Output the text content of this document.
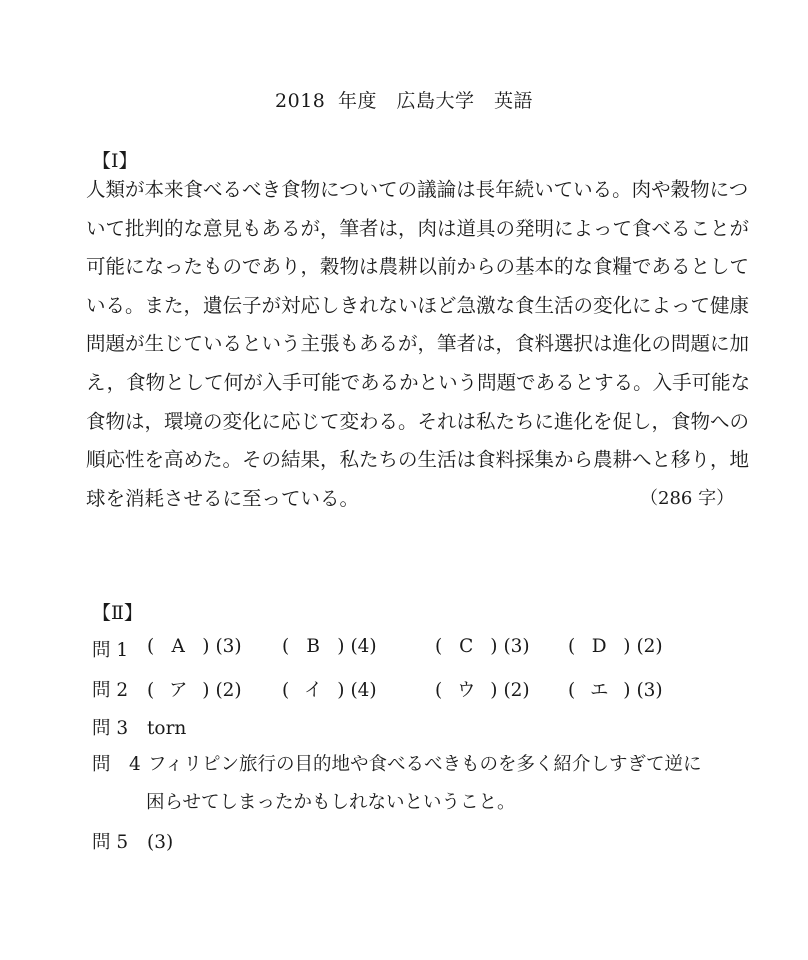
2018 年度　広島大学　英語
【Ⅰ】

人類が本来食べるべき食物についての議論は長年続いている。肉や穀物につ
いて批判的な意見もあるが，筆者は，肉は道具の発明によって食べることが
可能になったものであり，穀物は農耕以前からの基本的な食糧であるとして
いる。また，遺伝子が対応しきれないほど急激な食生活の変化によって健康
問題が生じているという主張もあるが，筆者は，食料選択は進化の問題に加
え，食物として何が入手可能であるかという問題であるとする。入手可能な
食物は，環境の変化に応じて変わる。それは私たちに進化を促し，食物への
順応性を高めた。その結果，私たちの生活は食料採集から農耕へと移り，地
球を消耗させるに至っている。	（286 字）
【Ⅱ】
問 1 ( A ) (3) ( B ) (4)	( C ) (3) ( D ) (2)
問 2 ( ア ) (2) ( イ ) (4)	( ウ ) (2) ( エ ) (3)
問 3 torn
問　4 フィリピン旅行の目的地や食べるべきものを多く紹介しすぎて逆に
困らせてしまったかもしれないということ。
問 5 (3)
